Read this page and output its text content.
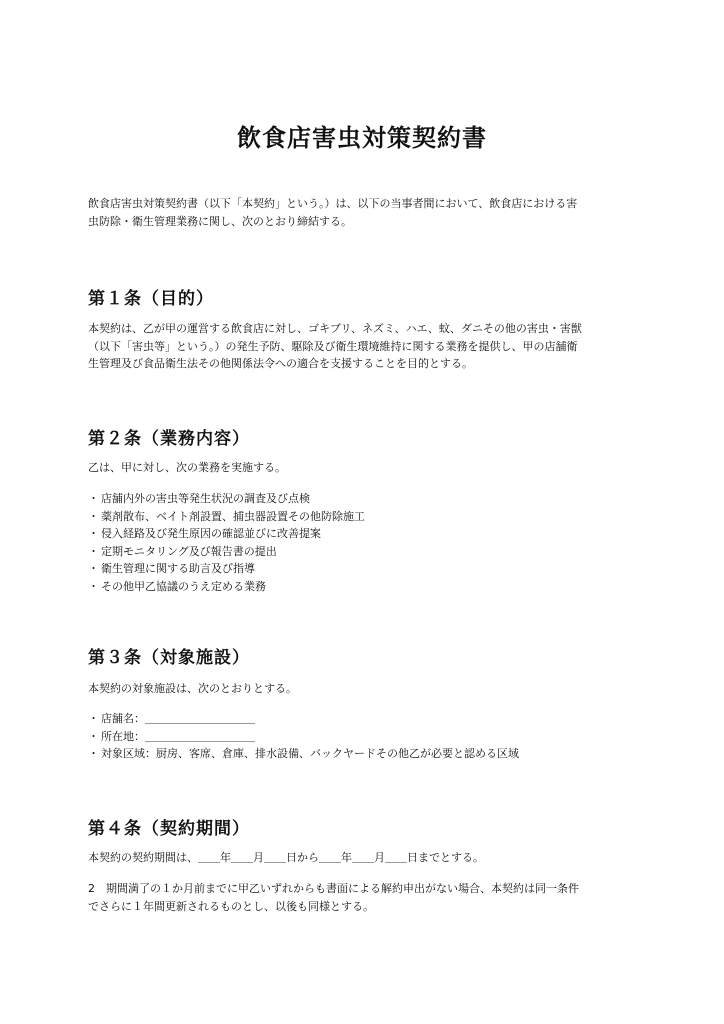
飲食店害虫対策契約書

飲食店害虫対策契約書（以下「本契約」という。）は、以下の当事者間において、飲食店における害
虫防除・衛生管理業務に関し、次のとおり締結する。

第１条（目的）

本契約は、乙が甲の運営する飲食店に対し、ゴキブリ、ネズミ、ハエ、蚊、ダニその他の害虫・害獣
（以下「害虫等」という。）の発生予防、駆除及び衛生環境維持に関する業務を提供し、甲の店舗衛
生管理及び食品衛生法その他関係法令への適合を支援することを目的とする。

第２条（業務内容）

乙は、甲に対し、次の業務を実施する。

・ 店舗内外の害虫等発生状況の調査及び点検
・ 薬剤散布、ベイト剤設置、捕虫器設置その他防除施工
・ 侵入経路及び発生原因の確認並びに改善提案
・ 定期モニタリング及び報告書の提出
・ 衛生管理に関する助言及び指導
・ その他甲乙協議のうえ定める業務
第３条（対象施設）

本契約の対象施設は、次のとおりとする。

・ 店舗名：＿＿＿＿＿＿＿＿＿＿
・ 所在地：＿＿＿＿＿＿＿＿＿＿
・ 対象区域：厨房、客席、倉庫、排水設備、バックヤードその他乙が必要と認める区域
第４条（契約期間）

本契約の契約期間は、＿＿年＿＿月＿＿日から＿＿年＿＿月＿＿日までとする。

2　期間満了の１か月前までに甲乙いずれからも書面による解約申出がない場合、本契約は同一条件
でさらに１年間更新されるものとし、以後も同様とする。
